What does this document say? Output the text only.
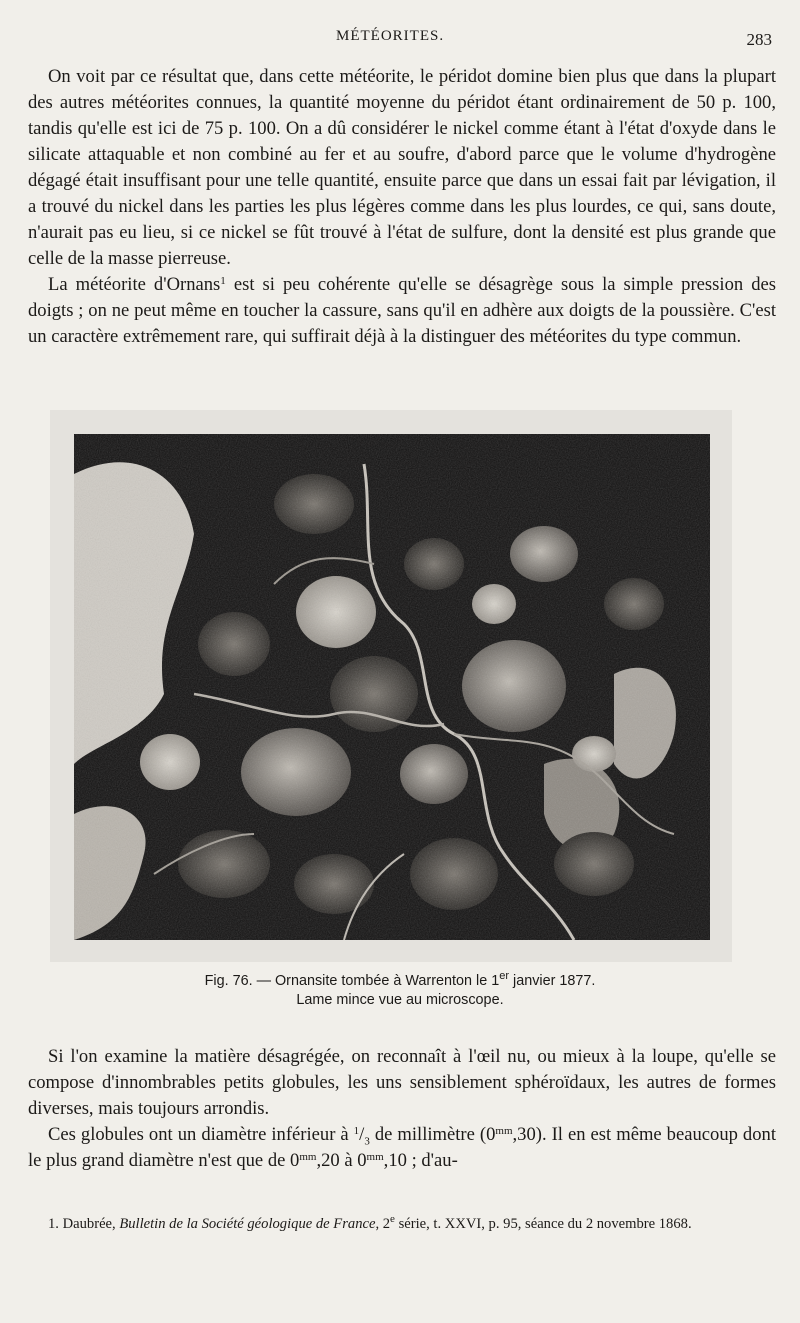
MÉTÉORITES.	283

On voit par ce résultat que, dans cette météorite, le péridot domine bien plus que dans la plupart des autres météorites connues, la quantité moyenne du péridot étant ordinairement de 50 p. 100, tandis qu'elle est ici de 75 p. 100. On a dû considérer le nickel comme étant à l'état d'oxyde dans le silicate attaquable et non combiné au fer et au soufre, d'abord parce que le volume d'hydrogène dégagé était insuffisant pour une telle quantité, ensuite parce que dans un essai fait par lévigation, il a trouvé du nickel dans les parties les plus légères comme dans les plus lourdes, ce qui, sans doute, n'aurait pas eu lieu, si ce nickel se fût trouvé à l'état de sulfure, dont la densité est plus grande que celle de la masse pierreuse.

La météorite d'Ornans$^1$ est si peu cohérente qu'elle se désagrège sous la simple pression des doigts ; on ne peut même en toucher la cassure, sans qu'il en adhère aux doigts de la poussière. C'est un caractère extrêmement rare, qui suffirait déjà à la distinguer des météorites du type commun.

Fig. 76. — Ornansite tombée à Warrenton le 1er janvier 1877.
Lame mince vue au microscope.

Si l'on examine la matière désagrégée, on reconnaît à l'œil nu, ou mieux à la loupe, qu'elle se compose d'innombrables petits globules, les uns sensiblement sphéroïdaux, les autres de formes diverses, mais toujours arrondis.

Ces globules ont un diamètre inférieur à $^1/_3$ de millimètre $(0^{mm},30)$. Il en est même beaucoup dont le plus grand diamètre n'est que de $0^{mm},20$ à $0^{mm},10$ ; d'au-

1. Daubrée, Bulletin de la Société géologique de France, 2e série, t. XXVI, p. 95, séance du 2 novembre 1868.
